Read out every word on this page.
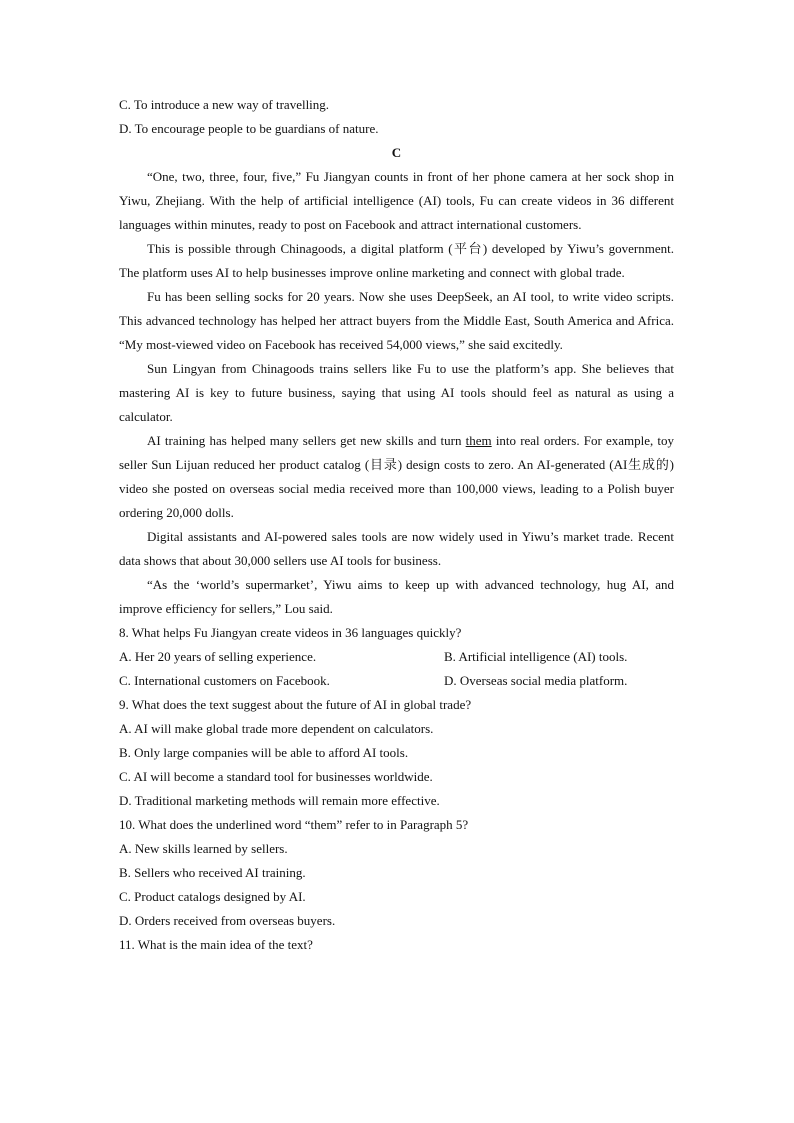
C. To introduce a new way of travelling.
D. To encourage people to be guardians of nature.
C

“One, two, three, four, five,” Fu Jiangyan counts in front of her phone camera at her sock shop in Yiwu, Zhejiang. With the help of artificial intelligence (AI) tools, Fu can create videos in 36 different languages within minutes, ready to post on Facebook and attract international customers.

This is possible through Chinagoods, a digital platform (平台) developed by Yiwu’s government. The platform uses AI to help businesses improve online marketing and connect with global trade.

Fu has been selling socks for 20 years. Now she uses DeepSeek, an AI tool, to write video scripts. This advanced technology has helped her attract buyers from the Middle East, South America and Africa. “My most-viewed video on Facebook has received 54,000 views,” she said excitedly.

Sun Lingyan from Chinagoods trains sellers like Fu to use the platform’s app. She believes that mastering AI is key to future business, saying that using AI tools should feel as natural as using a calculator.

AI training has helped many sellers get new skills and turn them into real orders. For example, toy seller Sun Lijuan reduced her product catalog (目录) design costs to zero. An AI-generated (AI生成的) video she posted on overseas social media received more than 100,000 views, leading to a Polish buyer ordering 20,000 dolls.

Digital assistants and AI-powered sales tools are now widely used in Yiwu’s market trade. Recent data shows that about 30,000 sellers use AI tools for business.

“As the ‘world’s supermarket’, Yiwu aims to keep up with advanced technology, hug AI, and improve efficiency for sellers,” Lou said.

8. What helps Fu Jiangyan create videos in 36 languages quickly?
A. Her 20 years of selling experience.	B. Artificial intelligence (AI) tools.
C. International customers on Facebook.	D. Overseas social media platform.
9. What does the text suggest about the future of AI in global trade?
A. AI will make global trade more dependent on calculators.
B. Only large companies will be able to afford AI tools.
C. AI will become a standard tool for businesses worldwide.
D. Traditional marketing methods will remain more effective.
10. What does the underlined word “them” refer to in Paragraph 5?
A. New skills learned by sellers.
B. Sellers who received AI training.
C. Product catalogs designed by AI.
D. Orders received from overseas buyers.
11. What is the main idea of the text?
